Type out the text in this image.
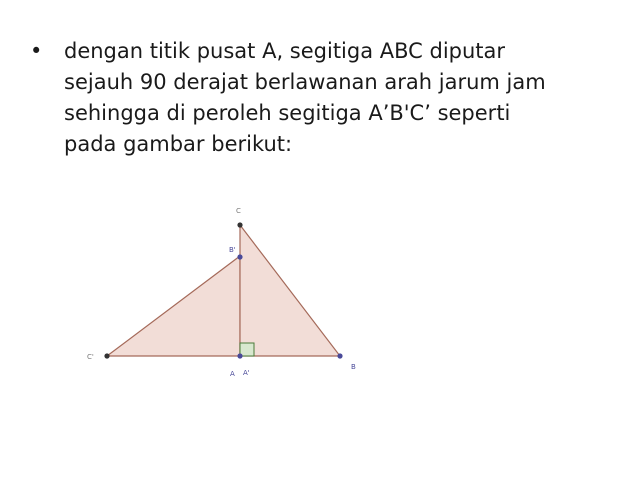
• dengan titik pusat A, segitiga ABC diputar
sejauh 90 derajat berlawanan arah jarum jam
sehingga di peroleh segitiga A’B'C’ seperti
pada gambar berikut:
C
B'
C'
A A'
B
